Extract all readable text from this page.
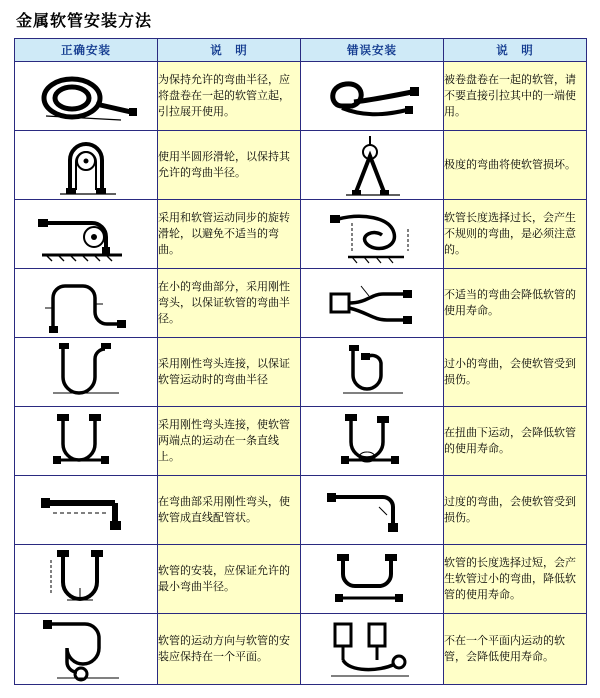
金属软管安装方法
正确安装	说　明	错误安装	说　明

	为保持允许的弯曲半径，应将盘卷在一起的软管立起，引拉展开使用。		被卷盘卷在一起的软管，请不要直接引拉其中的一端使用。

	使用半圆形滑轮，以保持其允许的弯曲半径。		极度的弯曲将使软管损坏。

	采用和软管运动同步的旋转滑轮，以避免不适当的弯曲。		软管长度选择过长，会产生不规则的弯曲，是必须注意的。

	在小的弯曲部分，采用刚性弯头，以保证软管的弯曲半径。		不适当的弯曲会降低软管的使用寿命。

	采用刚性弯头连接，以保证软管运动时的弯曲半径		过小的弯曲，会使软管受到损伤。

	采用刚性弯头连接，使软管两端点的运动在一条直线上。		在扭曲下运动，会降低软管的使用寿命。

	在弯曲部采用刚性弯头，使软管成直线配管状。		过度的弯曲，会使软管受到损伤。

	软管的安装，应保证允许的最小弯曲半径。		软管的长度选择过短，会产生软管过小的弯曲，降低软管的使用寿命。

	软管的运动方向与软管的安装应保持在一个平面。		不在一个平面内运动的软管，会降低使用寿命。
